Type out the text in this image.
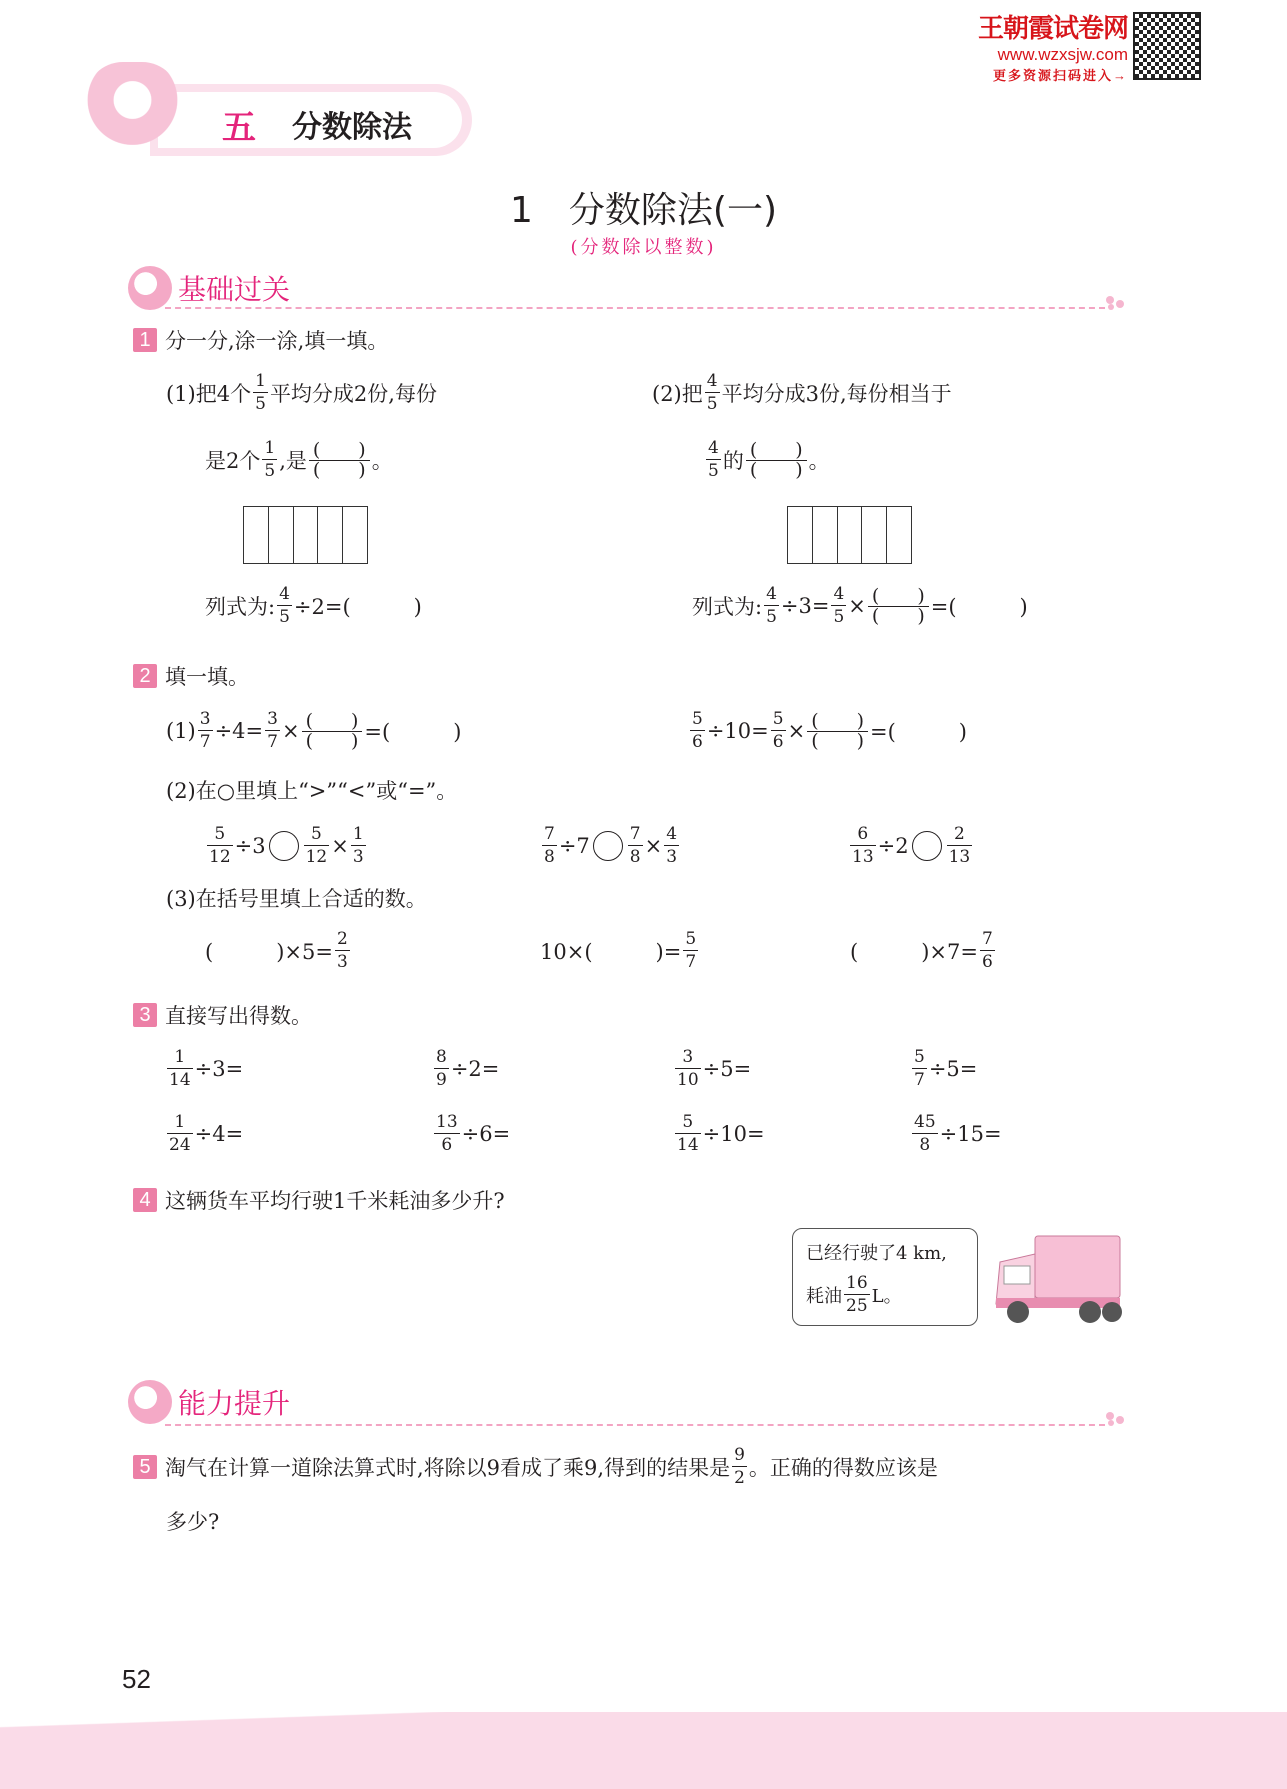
王朝霞试卷网
www.wzxsjw.com
更多资源扫码进入→
五 分数除法
1　分数除法(一)
(分数除以整数)
基础过关
1 分一分,涂一涂,填一填。
(1)把4个 $\frac{1}{5}$ 平均分成2份,每份
是2个 $\frac{1}{5}$ ,是 $\frac{( )}{( )}$ 。
列式为: $\frac{4}{5} \div 2=$(　　　)
(2)把 $\frac{4}{5}$ 平均分成3份,每份相当于
$\frac{4}{5}$ 的 $\frac{( )}{( )}$ 。
列式为: $\frac{4}{5} \div 3= \frac{4}{5} \times \frac{( )}{( )}$ =(　　　)
2 填一填。
$(1) \frac{3}{7} \div 4= \frac{3}{7} \times \frac{( )}{( )}$ =(　　　)	$\frac{5}{6} \div 10= \frac{5}{6} \times \frac{( )}{( )}$ =(　　　)
(2)在○里填上“>”“<”或“=”。
$\frac{5}{12} \div 3 \frac{5}{12} \times \frac{1}{3}$	$\frac{7}{8} \div 7 \frac{7}{8} \times \frac{4}{3}$	$\frac{6}{13} \div 2 \frac{2}{13}$
(3)在括号里填上合适的数。
(　　　)$\times 5= \frac{2}{3}$	10×(　　　)= $\frac{5}{7}$	(　　　)$\times 7= \frac{7}{6}$
3 直接写出得数。
$\frac{1}{14} \div 3=$	$\frac{8}{9} \div 2=$	$\frac{3}{10} \div 5=$	$\frac{5}{7} \div 5=$
$\frac{1}{24} \div 4=$	$\frac{13}{6} \div 6=$	$\frac{5}{14} \div 10=$	$\frac{45}{8} \div 15=$
4 这辆货车平均行驶1千米耗油多少升?
已经行驶了4 km,
耗油 $\frac{16}{25}$ L。
能力提升
5 淘气在计算一道除法算式时,将除以9看成了乘9,得到的结果是 $\frac{9}{2}$ 。正确的得数应该是
多少?
52
